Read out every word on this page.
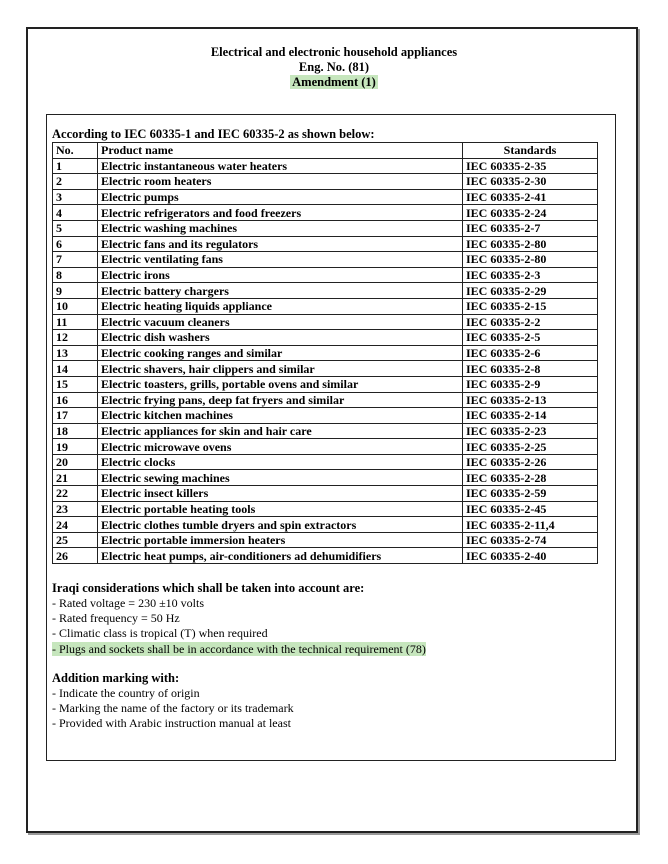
Electrical and electronic household appliances
Eng. No. (81)
Amendment (1)
According to IEC 60335-1 and IEC 60335-2 as shown below:
No.	Product name	Standards
1	Electric instantaneous water heaters	IEC 60335-2-35
2	Electric room heaters	IEC 60335-2-30
3	Electric pumps	IEC 60335-2-41
4	Electric refrigerators and food freezers	IEC 60335-2-24
5	Electric washing machines	IEC 60335-2-7
6	Electric fans and its regulators	IEC 60335-2-80
7	Electric ventilating fans	IEC 60335-2-80
8	Electric irons	IEC 60335-2-3
9	Electric battery chargers	IEC 60335-2-29
10	Electric heating liquids appliance	IEC 60335-2-15
11	Electric vacuum cleaners	IEC 60335-2-2
12	Electric dish washers	IEC 60335-2-5
13	Electric cooking ranges and similar	IEC 60335-2-6
14	Electric shavers, hair clippers and similar	IEC 60335-2-8
15	Electric toasters, grills, portable ovens and similar	IEC 60335-2-9
16	Electric frying pans, deep fat fryers and similar	IEC 60335-2-13
17	Electric kitchen machines	IEC 60335-2-14
18	Electric appliances for skin and hair care	IEC 60335-2-23
19	Electric microwave ovens	IEC 60335-2-25
20	Electric clocks	IEC 60335-2-26
21	Electric sewing machines	IEC 60335-2-28
22	Electric insect killers	IEC 60335-2-59
23	Electric portable heating tools	IEC 60335-2-45
24	Electric clothes tumble dryers and spin extractors	IEC 60335-2-11,4
25	Electric portable immersion heaters	IEC 60335-2-74
26	Electric heat pumps, air-conditioners ad dehumidifiers	IEC 60335-2-40
Iraqi considerations which shall be taken into account are:
- Rated voltage = 230 ±10 volts
- Rated frequency = 50 Hz
- Climatic class is tropical (T) when required
- Plugs and sockets shall be in accordance with the technical requirement (78)
Addition marking with:
- Indicate the country of origin
- Marking the name of the factory or its trademark
- Provided with Arabic instruction manual at least
